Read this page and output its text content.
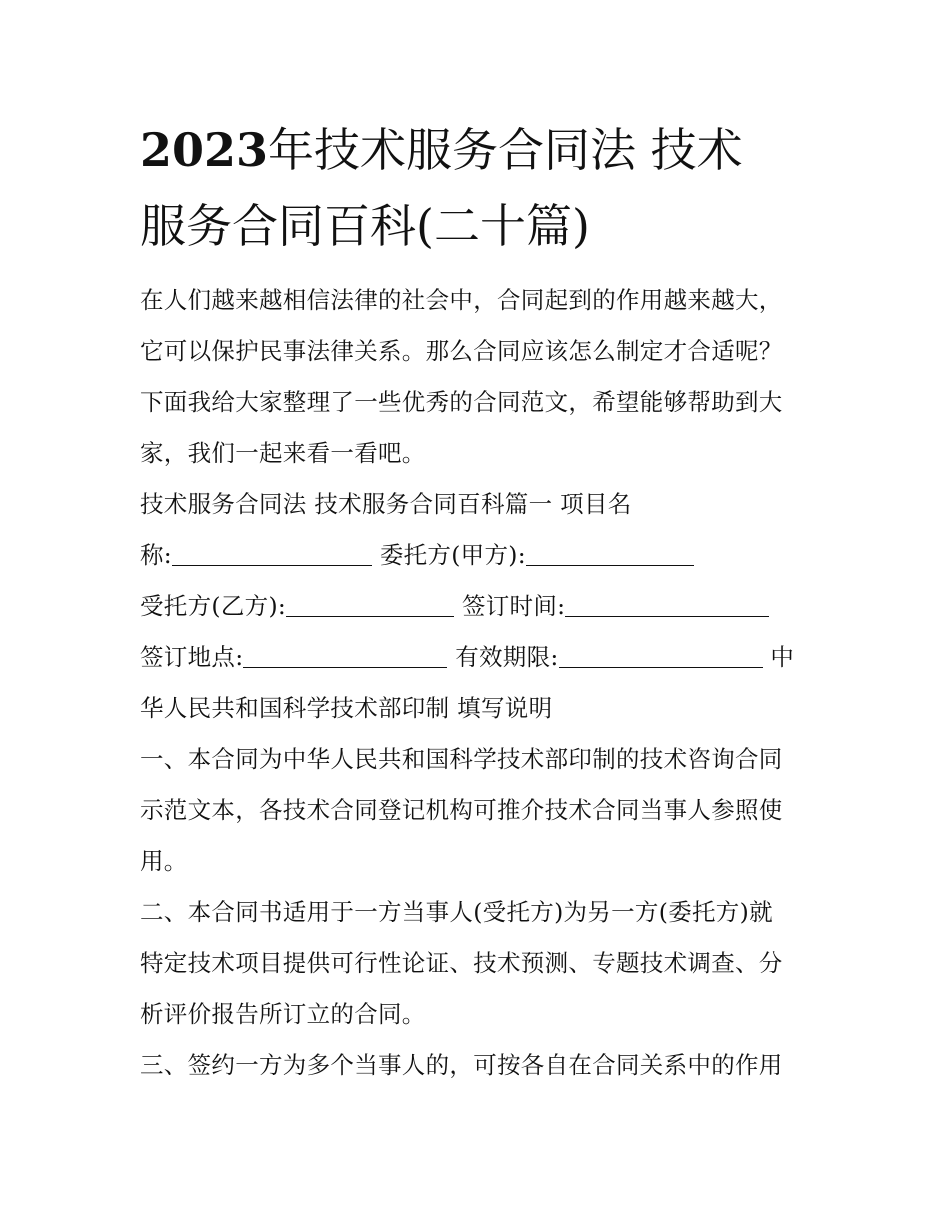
2023年技术服务合同法 技术
服务合同百科(二十篇)
在人们越来越相信法律的社会中，合同起到的作用越来越大，
它可以保护民事法律关系。那么合同应该怎么制定才合适呢？
下面我给大家整理了一些优秀的合同范文，希望能够帮助到大
家，我们一起来看一看吧。
技术服务合同法 技术服务合同百科篇一 项目名
称:	委托方(甲方):
受托方(乙方):	签订时间:
签订地点:	有效期限:	中
华人民共和国科学技术部印制 填写说明
一、本合同为中华人民共和国科学技术部印制的技术咨询合同
示范文本，各技术合同登记机构可推介技术合同当事人参照使
用。
二、本合同书适用于一方当事人(受托方)为另一方(委托方)就
特定技术项目提供可行性论证、技术预测、专题技术调查、分
析评价报告所订立的合同。
三、签约一方为多个当事人的，可按各自在合同关系中的作用
